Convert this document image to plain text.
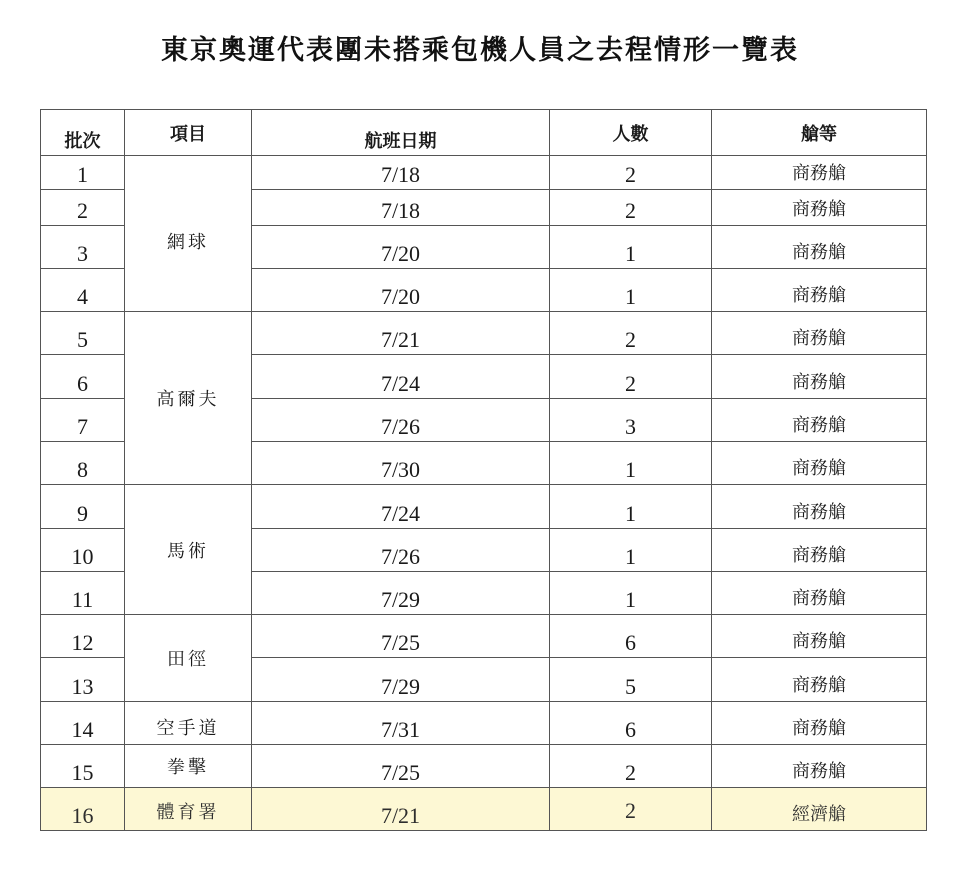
東京奧運代表團未搭乘包機人員之去程情形一覽表
批次	項目	航班日期	人數	艙等
1	網球	7/18	2	商務艙
2		7/18	2	商務艙
3		7/20	1	商務艙
4		7/20	1	商務艙
5	高爾夫	7/21	2	商務艙
6		7/24	2	商務艙
7		7/26	3	商務艙
8		7/30	1	商務艙
9	馬術	7/24	1	商務艙
10		7/26	1	商務艙
11		7/29	1	商務艙
12	田徑	7/25	6	商務艙
13		7/29	5	商務艙
14	空手道	7/31	6	商務艙
15	拳擊	7/25	2	商務艙
16	體育署	7/21	2	經濟艙
